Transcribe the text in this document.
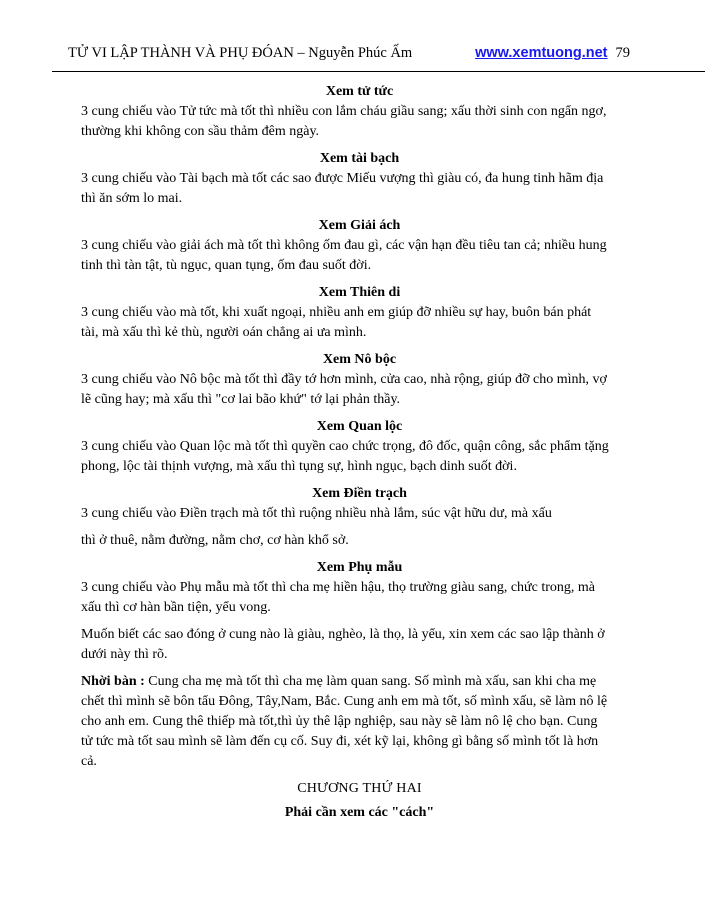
TỬ VI LẬP THÀNH VÀ PHỤ ĐÓAN – Nguyễn Phúc Ấm	www.xemtuong.net 79
Xem tử tức

3 cung chiếu vào Tử tức mà tốt thì nhiều con lắm cháu giầu sang; xấu thời sinh con ngẩn ngơ,
thường khi không con sầu thảm đêm ngày.

Xem tài bạch

3 cung chiếu vào Tài bạch mà tốt các sao được Miếu vượng thì giàu có, đa hung tinh hãm địa
thì ăn sớm lo mai.

Xem Giải ách

3 cung chiếu vào giải ách mà tốt thì không ốm đau gì, các vận hạn đều tiêu tan cả; nhiều hung
tinh thì tàn tật, tù ngục, quan tụng, ốm đau suốt đời.

Xem Thiên di

3 cung chiếu vào mà tốt, khi xuất ngoại, nhiều anh em giúp đỡ nhiều sự hay, buôn bán phát
tài, mà xấu thì kẻ thù, người oán chẳng ai ưa mình.

Xem Nô bộc

3 cung chiếu vào Nô bộc mà tốt thì đầy tớ hơn mình, cửa cao, nhà rộng, giúp đỡ cho mình, vợ
lẽ cũng hay; mà xấu thì "cơ lai bão khứ" tớ lại phản thầy.

Xem Quan lộc

3 cung chiếu vào Quan lộc mà tốt thì quyền cao chức trọng, đô đốc, quận công, sắc phẩm tặng
phong, lộc tài thịnh vượng, mà xấu thì tụng sự, hình ngục, bạch dinh suốt đời.

Xem Điền trạch

3 cung chiếu vào Điền trạch mà tốt thì ruộng nhiều nhà lắm, súc vật hữu dư, mà xấu

thì ở thuê, nằm đường, nằm chơ, cơ hàn khổ sở.

Xem Phụ mẫu

3 cung chiếu vào Phụ mẫu mà tốt thì cha mẹ hiền hậu, thọ trường giàu sang, chức trong, mà
xấu thì cơ hàn bần tiện, yểu vong.

Muốn biết các sao đóng ở cung nào là giàu, nghèo, là thọ, là yểu, xin xem các sao lập thành ở
dưới này thì rõ.

Nhời bàn : Cung cha mẹ mà tốt thì cha mẹ làm quan sang. Số mình mà xấu, san khi cha mẹ
chết thì mình sẽ bôn tẩu Đông, Tây,Nam, Bắc. Cung anh em mà tốt, số mình xấu, sẽ làm nô lệ
cho anh em. Cung thê thiếp mà tốt,thì ủy thê lập nghiệp, sau này sẽ làm nô lệ cho bạn. Cung
tử tức mà tốt sau mình sẽ làm đến cụ cố. Suy đi, xét kỹ lại, không gì bằng số mình tốt là hơn
cả.

CHƯƠNG THỨ HAI
Phải cần xem các "cách"
